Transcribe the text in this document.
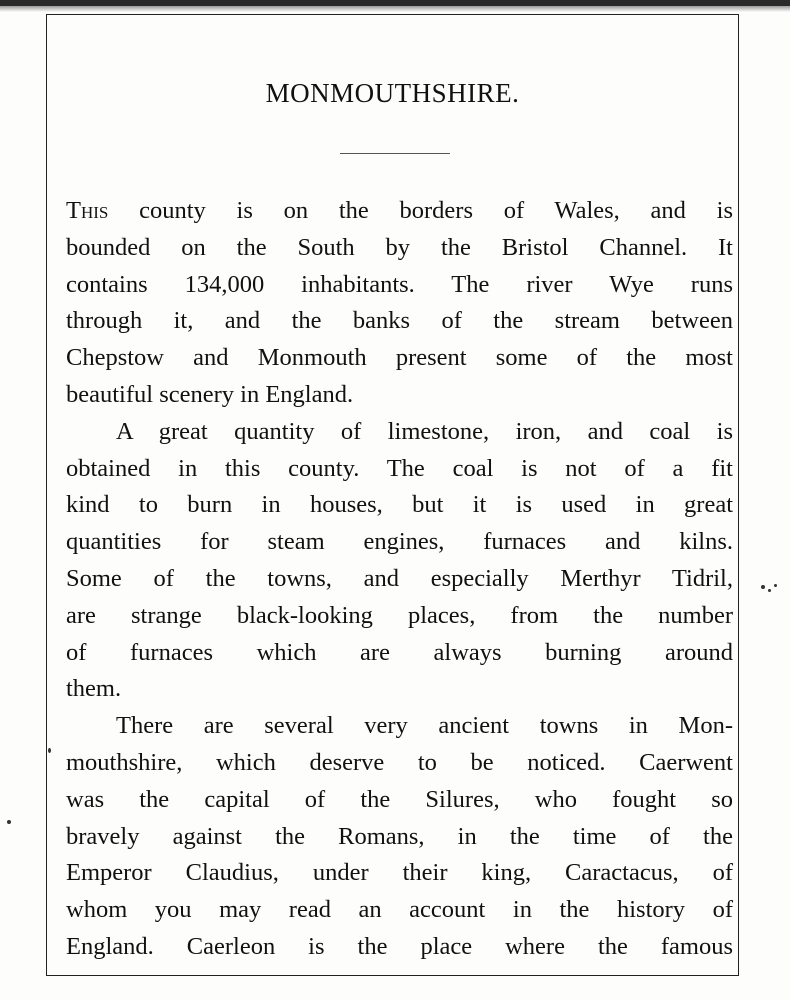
MONMOUTHSHIRE.

This county is on the borders of Wales, and is
bounded on the South by the Bristol Channel. It
contains 134,000 inhabitants. The river Wye runs
through it, and the banks of the stream between
Chepstow and Monmouth present some of the most
beautiful scenery in England.

A great quantity of limestone, iron, and coal is
obtained in this county. The coal is not of a fit
kind to burn in houses, but it is used in great
quantities for steam engines, furnaces and kilns.
Some of the towns, and especially Merthyr Tidril,
are strange black-looking places, from the number
of furnaces which are always burning around
them.

There are several very ancient towns in Mon-
mouthshire, which deserve to be noticed. Caerwent
was the capital of the Silures, who fought so
bravely against the Romans, in the time of the
Emperor Claudius, under their king, Caractacus, of
whom you may read an account in the history of
England. Caerleon is the place where the famous
